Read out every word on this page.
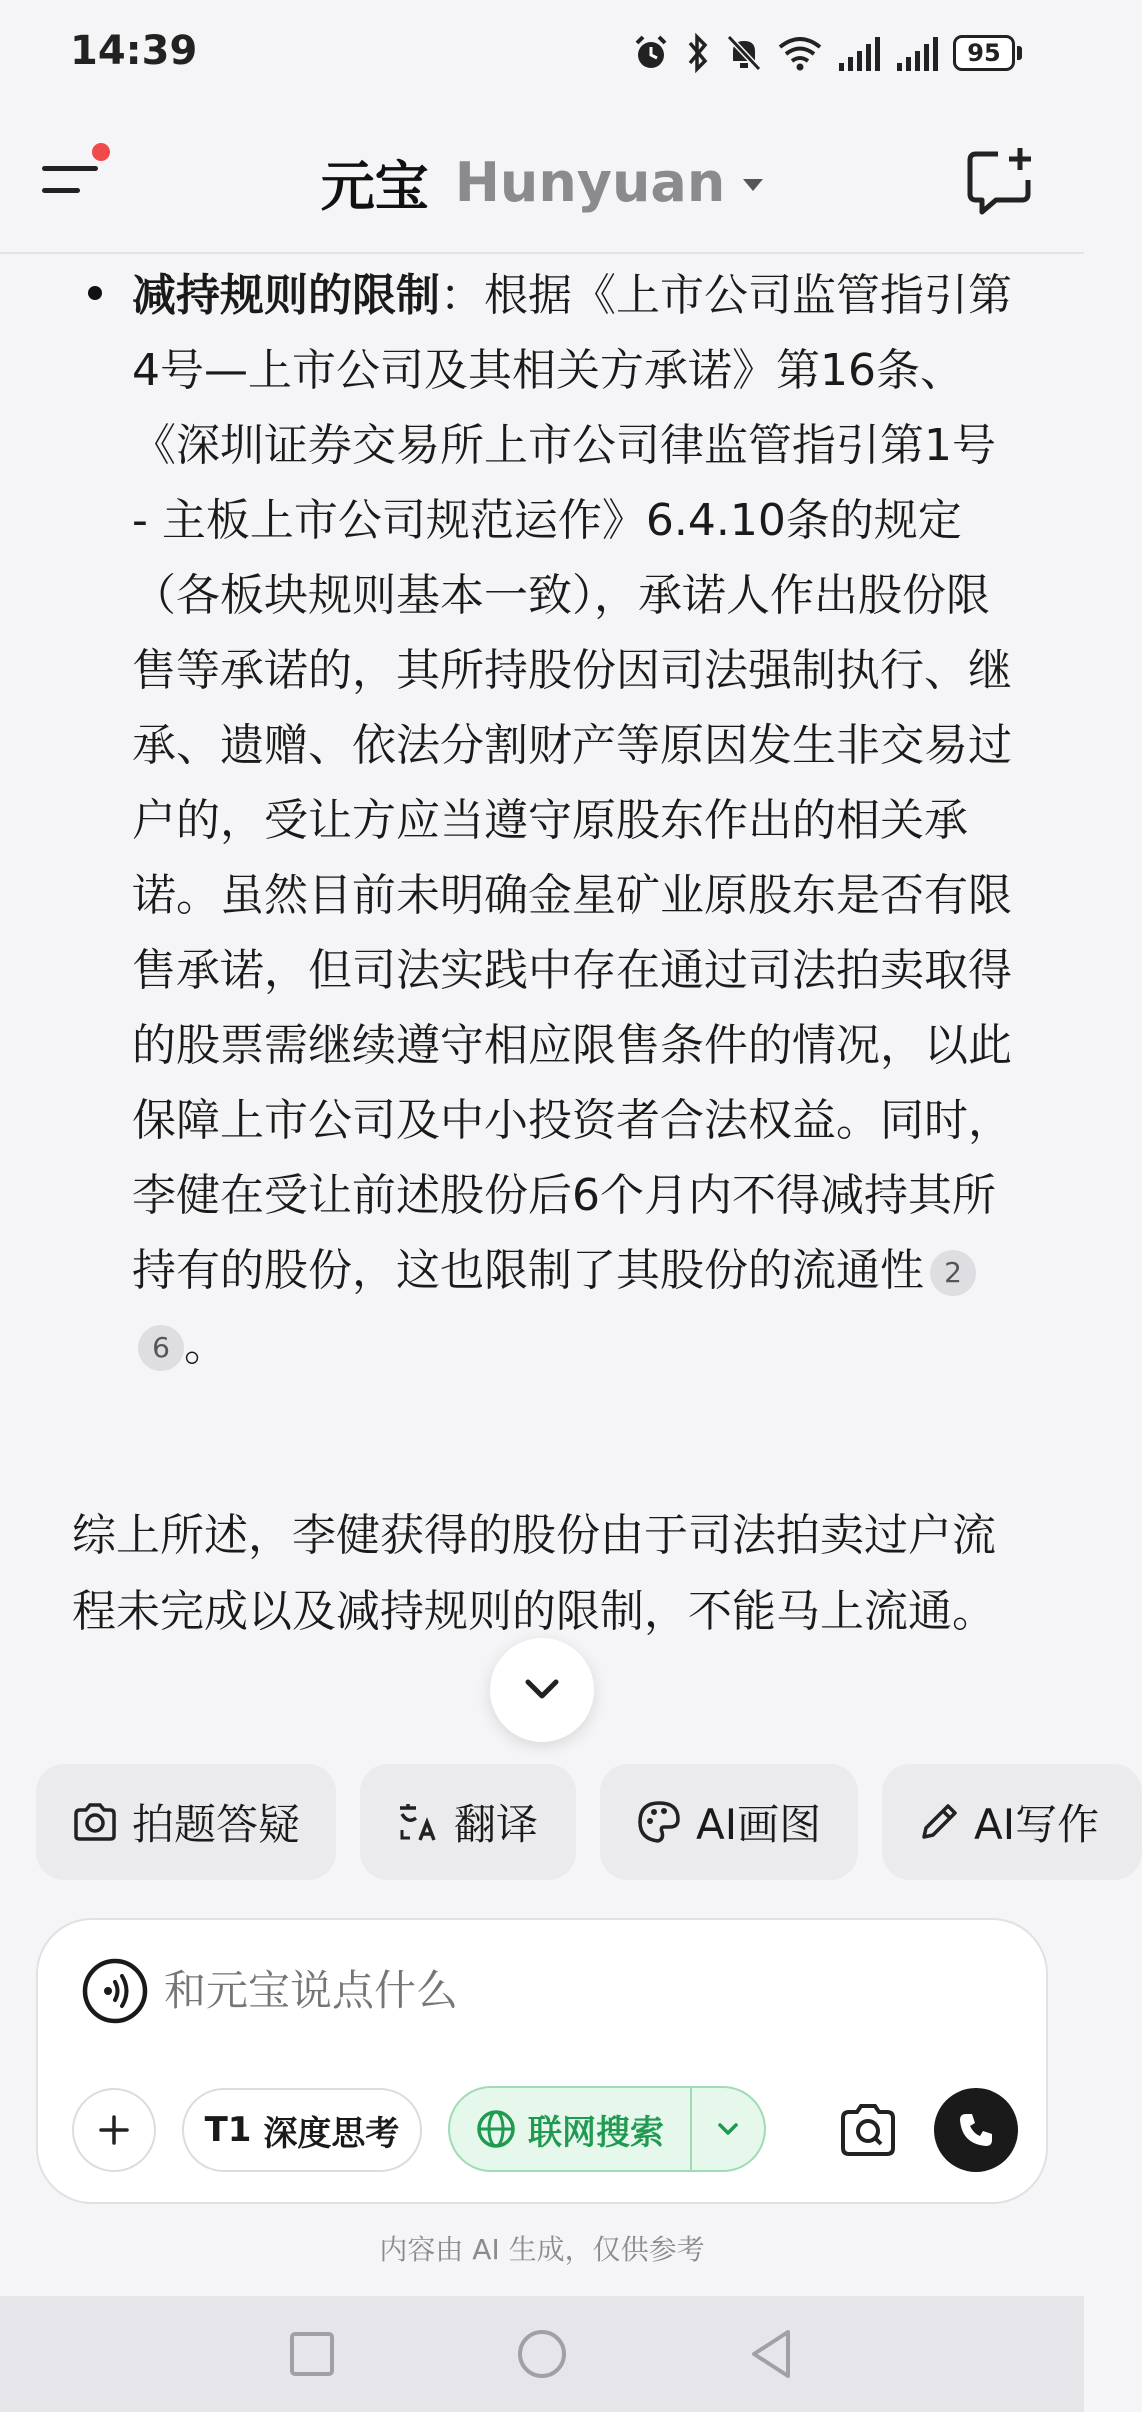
14:39	95
元宝 Hunyuan
减持规则的限制：根据《上市公司监管指引第4号—上市公司及其相关方承诺》第16条、《深圳证券交易所上市公司律监管指引第1号 - 主板上市公司规范运作》6.4.10条的规定（各板块规则基本一致），承诺人作出股份限售等承诺的，其所持股份因司法强制执行、继承、遗赠、依法分割财产等原因发生非交易过户的，受让方应当遵守原股东作出的相关承诺。虽然目前未明确金星矿业原股东是否有限售承诺，但司法实践中存在通过司法拍卖取得的股票需继续遵守相应限售条件的情况，以此保障上市公司及中小投资者合法权益。同时，李健在受让前述股份后6个月内不得减持其所持有的股份，这也限制了其股份的流通性 26 。
综上所述，李健获得的股份由于司法拍卖过户流程未完成以及减持规则的限制，不能马上流通。
拍题答疑	翻译	AI画图	AI写作
和元宝说点什么
T1 深度思考	联网搜索
内容由 AI 生成，仅供参考
